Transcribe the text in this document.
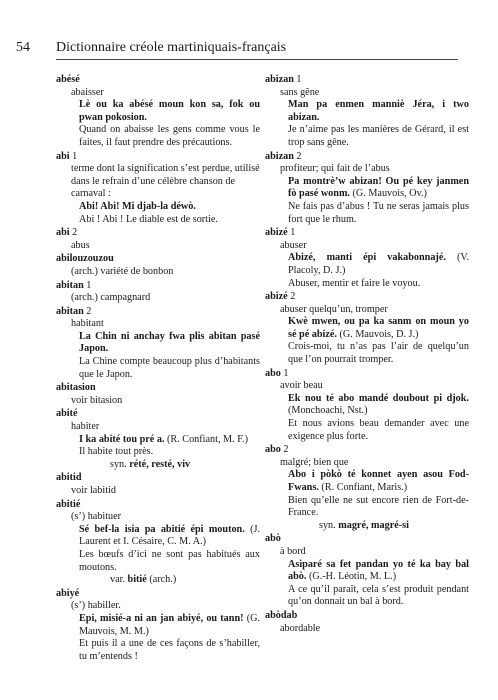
54 Dictionnaire créole martiniquais-français
abésé
abaisser
Lè ou ka abésé moun kon sa, fok ou pwan pokosion.
Quand on abaisse les gens comme vous le faites, il faut prendre des précautions.
abi 1
terme dont la signification s’est perdue, utilisé dans le refrain d’une célèbre chanson de carnaval :
Abi! Abi! Mi djab-la déwò.
Abi ! Abi ! Le diable est de sortie.
abi 2
abus
abilouzouzou
(arch.) variété de bonbon
abitan 1
(arch.) campagnard
abitan 2
habitant
La Chin ni anchay fwa plis abitan pasé Japon.
La Chine compte beaucoup plus d’habitants que le Japon.
abitasion
voir bitasion
abité
habiter
I ka abité tou pré a. (R. Confiant, M. F.)
Il habite tout près.
syn. rété, resté, viv
abitid
voir labitid
abitié
(s’) habituer
Sé bef-la isia pa abitié épi mouton. (J. Laurent et I. Césaire, C. M. A.)
Les bœufs d’ici ne sont pas habitués aux moutons.
var. bitié (arch.)
abiyé
(s’) habiller.
Epi, misié-a ni an jan abiyé, ou tann! (G. Mauvois, M. M.)
Et puis il a une de ces façons de s’habiller, tu m’entends !
abizan 1
sans gêne
Man pa enmen manniè Jéra, i two abizan.
Je n’aime pas les manières de Gérard, il est trop sans gêne.
abizan 2
profiteur; qui fait de l’abus
Pa montrè’w abizan! Ou pé key janmen fò pasé wonm. (G. Mauvois, Ov.)
Ne fais pas d’abus ! Tu ne seras jamais plus fort que le rhum.
abizé 1
abuser
Abizé, manti épi vakabonnajé. (V. Placoly, D. J.)
Abuser, mentir et faire le voyou.
abizé 2
abuser quelqu’un, tromper
Kwè mwen, ou pa ka sanm on moun yo sé pé abizé. (G. Mauvois, D. J.)
Crois-moi, tu n’as pas l’air de quelqu’un que l’on pourrait tromper.
abo 1
avoir beau
Ek nou té abo mandé doubout pi djok. (Monchoachi, Nst.)
Et nous avions beau demander avec une exigence plus forte.
abo 2
malgré; bien que
Abo i pòkò té konnet ayen asou Fod-Fwans. (R. Confiant, Maris.)
Bien qu’elle ne sut encore rien de Fort-de-France.
syn. magré, magré-si
abò
à bord
Asiparé sa fet pandan yo té ka bay bal abò. (G.-H. Léotin, M. L.)
A ce qu’il paraît, cela s’est produit pendant qu’on donnait un bal à bord.
abòdab
abordable
